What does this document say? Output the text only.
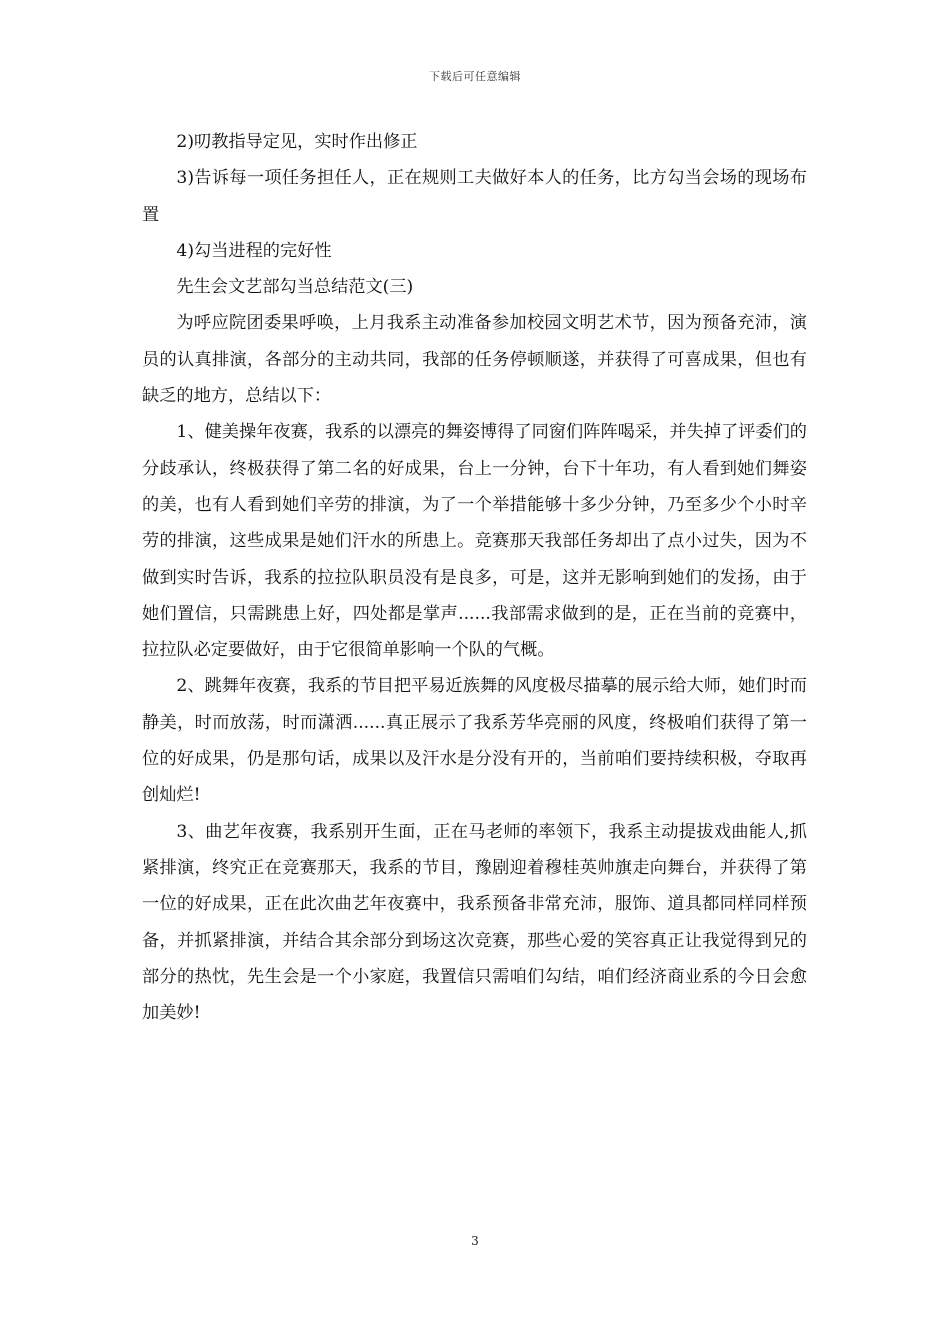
下载后可任意编辑

2)叨教指导定见，实时作出修正

3)告诉每一项任务担任人，正在规则工夫做好本人的任务，比方勾当会场的现场布置

4)勾当进程的完好性

先生会文艺部勾当总结范文(三)

为呼应院团委果呼唤，上月我系主动准备参加校园文明艺术节，因为预备充沛，演员的认真排演，各部分的主动共同，我部的任务停顿顺遂，并获得了可喜成果，但也有缺乏的地方，总结以下：

1、健美操年夜赛，我系的以漂亮的舞姿博得了同窗们阵阵喝采，并失掉了评委们的分歧承认，终极获得了第二名的好成果，台上一分钟，台下十年功，有人看到她们舞姿的美，也有人看到她们辛劳的排演，为了一个举措能够十多少分钟，乃至多少个小时辛劳的排演，这些成果是她们汗水的所患上。竞赛那天我部任务却出了点小过失，因为不做到实时告诉，我系的拉拉队职员没有是良多，可是，这并无影响到她们的发扬，由于她们置信，只需跳患上好，四处都是掌声......我部需求做到的是，正在当前的竞赛中，拉拉队必定要做好，由于它很简单影响一个队的气概。

2、跳舞年夜赛，我系的节目把平易近族舞的风度极尽描摹的展示给大师，她们时而静美，时而放荡，时而潇洒......真正展示了我系芳华亮丽的风度，终极咱们获得了第一位的好成果，仍是那句话，成果以及汗水是分没有开的，当前咱们要持续积极，夺取再创灿烂!

3、曲艺年夜赛，我系别开生面，正在马老师的率领下，我系主动提拔戏曲能人,抓紧排演，终究正在竞赛那天，我系的节目，豫剧迎着穆桂英帅旗走向舞台，并获得了第一位的好成果，正在此次曲艺年夜赛中，我系预备非常充沛，服饰、道具都同样同样预备，并抓紧排演，并结合其余部分到场这次竞赛，那些心爱的笑容真正让我觉得到兄的部分的热忱，先生会是一个小家庭，我置信只需咱们勾结，咱们经济商业系的今日会愈加美妙!

3
